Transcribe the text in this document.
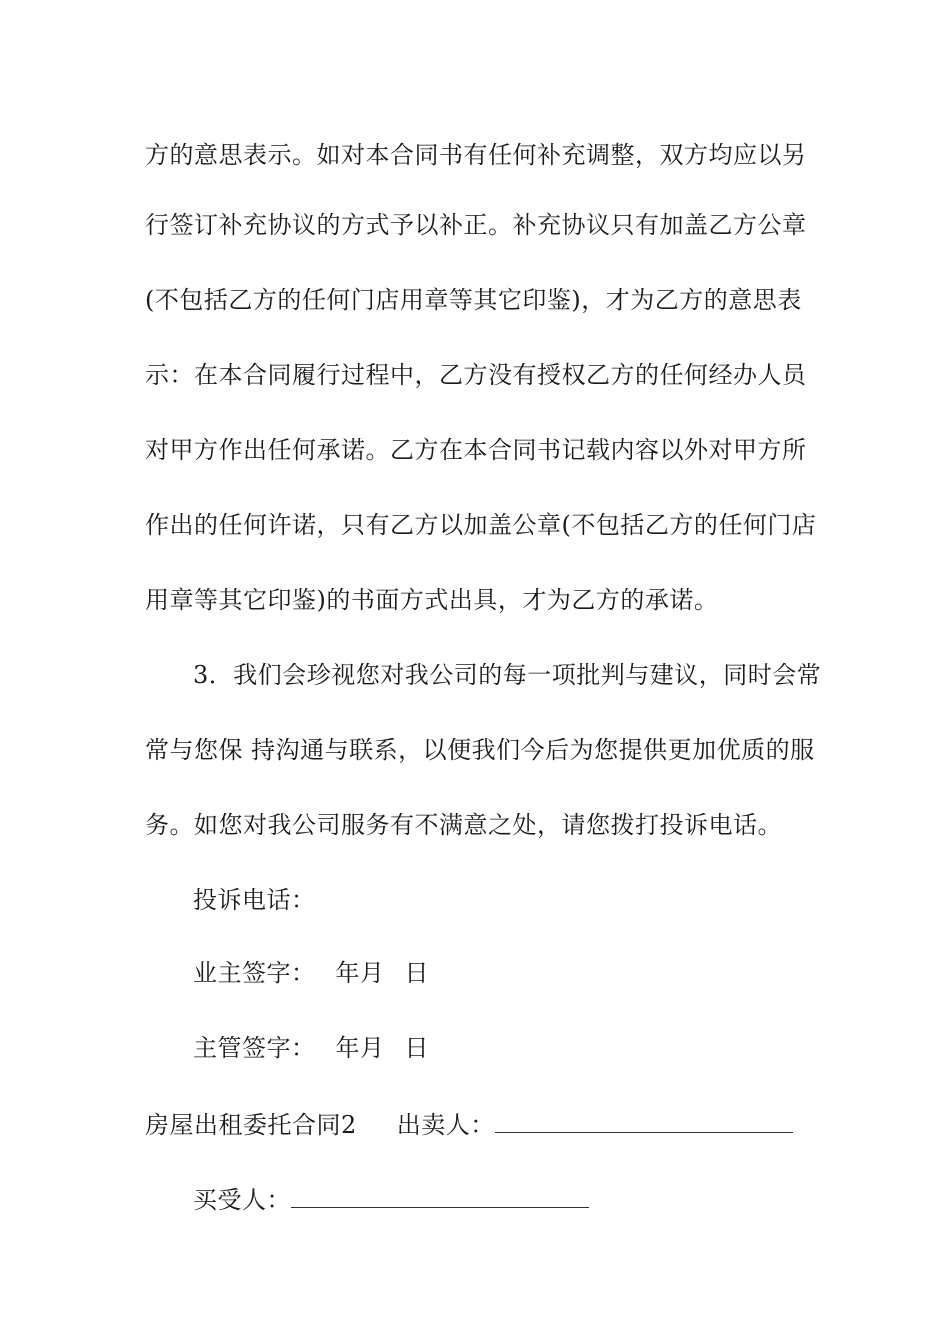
方的意思表示。如对本合同书有任何补充调整，双方均应以另
行签订补充协议的方式予以补正。补充协议只有加盖乙方公章
(不包括乙方的任何门店用章等其它印鉴)，才为乙方的意思表
示：在本合同履行过程中，乙方没有授权乙方的任何经办人员
对甲方作出任何承诺。乙方在本合同书记载内容以外对甲方所
作出的任何许诺，只有乙方以加盖公章(不包括乙方的任何门店
用章等其它印鉴)的书面方式出具，才为乙方的承诺。
3．我们会珍视您对我公司的每一项批判与建议，同时会常
常与您保 持沟通与联系，以便我们今后为您提供更加优质的服
务。如您对我公司服务有不满意之处，请您拨打投诉电话。
投诉电话：
业主签字： 年月 日
主管签字： 年月 日
房屋出租委托合同2 出卖人：
买受人：
